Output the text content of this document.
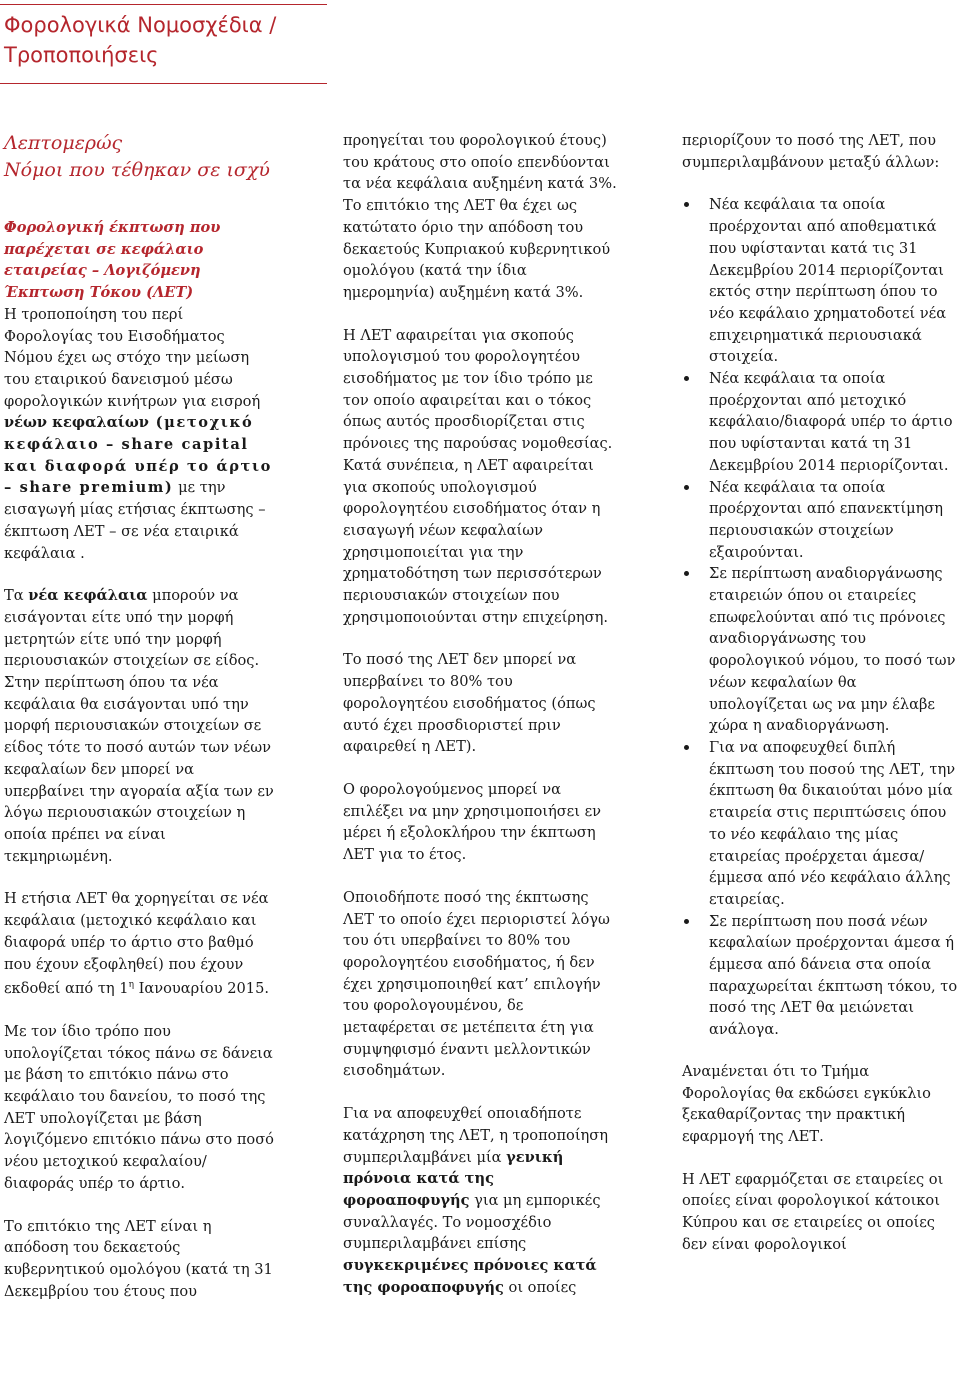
Φορολογικά Νομοσχέδια / Τροποποιήσεις

Λεπτομερώς
Νόμοι που τέθηκαν σε ισχύ

Φορολογική έκπτωση που παρέχεται σε κεφάλαιο εταιρείας – Λογιζόμενη Έκπτωση Τόκου (ΛΕΤ)
Η τροποποίηση του περί Φορολογίας του Εισοδήματος Νόμου έχει ως στόχο την μείωση του εταιρικού δανεισμού μέσω φορολογικών κινήτρων για εισροή νέων κεφαλαίων (μετοχικό κεφάλαιο – share capital και διαφορά υπέρ το άρτιο – share premium) με την εισαγωγή μίας ετήσιας έκπτωσης – έκπτωση ΛΕΤ – σε νέα εταιρικά κεφάλαια .

Τα νέα κεφάλαια μπορούν να εισάγονται είτε υπό την μορφή μετρητών είτε υπό την μορφή περιουσιακών στοιχείων σε είδος. Στην περίπτωση όπου τα νέα κεφάλαια θα εισάγονται υπό την μορφή περιουσιακών στοιχείων σε είδος τότε το ποσό αυτών των νέων κεφαλαίων δεν μπορεί να υπερβαίνει την αγοραία αξία των εν λόγω περιουσιακών στοιχείων η οποία πρέπει να είναι τεκμηριωμένη.

Η ετήσια ΛΕΤ θα χορηγείται σε νέα κεφάλαια (μετοχικό κεφάλαιο και διαφορά υπέρ το άρτιο στο βαθμό που έχουν εξοφληθεί) που έχουν εκδοθεί από τη $1^\eta$ Ιανουαρίου 2015.

Με τον ίδιο τρόπο που υπολογίζεται τόκος πάνω σε δάνεια με βάση το επιτόκιο πάνω στο κεφάλαιο του δανείου, το ποσό της ΛΕΤ υπολογίζεται με βάση λογιζόμενο επιτόκιο πάνω στο ποσό νέου μετοχικού κεφαλαίου/διαφοράς υπέρ το άρτιο.

Το επιτόκιο της ΛΕΤ είναι η απόδοση του δεκαετούς κυβερνητικού ομολόγου (κατά τη 31 Δεκεμβρίου του έτους που

προηγείται του φορολογικού έτους) του κράτους στο οποίο επενδύονται τα νέα κεφάλαια αυξημένη κατά 3%. Το επιτόκιο της ΛΕΤ θα έχει ως κατώτατο όριο την απόδοση του δεκαετούς Κυπριακού κυβερνητικού ομολόγου (κατά την ίδια ημερομηνία) αυξημένη κατά 3%.

Η ΛΕΤ αφαιρείται για σκοπούς υπολογισμού του φορολογητέου εισοδήματος με τον ίδιο τρόπο με τον οποίο αφαιρείται και ο τόκος όπως αυτός προσδιορίζεται στις πρόνοιες της παρούσας νομοθεσίας. Κατά συνέπεια, η ΛΕΤ αφαιρείται για σκοπούς υπολογισμού φορολογητέου εισοδήματος όταν η εισαγωγή νέων κεφαλαίων χρησιμοποιείται για την χρηματοδότηση των περισσότερων περιουσιακών στοιχείων που χρησιμοποιούνται στην επιχείρηση.

Το ποσό της ΛΕΤ δεν μπορεί να υπερβαίνει το 80% του φορολογητέου εισοδήματος (όπως αυτό έχει προσδιοριστεί πριν αφαιρεθεί η ΛΕΤ).

Ο φορολογούμενος μπορεί να επιλέξει να μην χρησιμοποιήσει εν μέρει ή εξολοκλήρου την έκπτωση ΛΕΤ για το έτος.

Οποιοδήποτε ποσό της έκπτωσης ΛΕΤ το οποίο έχει περιοριστεί λόγω του ότι υπερβαίνει το 80% του φορολογητέου εισοδήματος, ή δεν έχει χρησιμοποιηθεί κατ’ επιλογήν του φορολογουμένου, δε μεταφέρεται σε μετέπειτα έτη για συμψηφισμό έναντι μελλοντικών εισοδημάτων.

Για να αποφευχθεί οποιαδήποτε κατάχρηση της ΛΕΤ, η τροποποίηση συμπεριλαμβάνει μία γενική πρόνοια κατά της φοροαποφυγής για μη εμπορικές συναλλαγές. Το νομοσχέδιο συμπεριλαμβάνει επίσης συγκεκριμένες πρόνοιες κατά της φοροαποφυγής οι οποίες

περιορίζουν το ποσό της ΛΕΤ, που συμπεριλαμβάνουν μεταξύ άλλων:

Νέα κεφάλαια τα οποία προέρχονται από αποθεματικά που υφίστανται κατά τις 31 Δεκεμβρίου 2014 περιορίζονται εκτός στην περίπτωση όπου το νέο κεφάλαιο χρηματοδοτεί νέα επιχειρηματικά περιουσιακά στοιχεία.
Νέα κεφάλαια τα οποία προέρχονται από μετοχικό κεφάλαιο/διαφορά υπέρ το άρτιο που υφίστανται κατά τη 31 Δεκεμβρίου 2014 περιορίζονται.
Νέα κεφάλαια τα οποία προέρχονται από επανεκτίμηση περιουσιακών στοιχείων εξαιρούνται.
Σε περίπτωση αναδιοργάνωσης εταιρειών όπου οι εταιρείες επωφελούνται από τις πρόνοιες αναδιοργάνωσης του φορολογικού νόμου, το ποσό των νέων κεφαλαίων θα υπολογίζεται ως να μην έλαβε χώρα η αναδιοργάνωση.
Για να αποφευχθεί διπλή έκπτωση του ποσού της ΛΕΤ, την έκπτωση θα δικαιούται μόνο μία εταιρεία στις περιπτώσεις όπου το νέο κεφάλαιο της μίας εταιρείας προέρχεται άμεσα/έμμεσα από νέο κεφάλαιο άλλης εταιρείας.
Σε περίπτωση που ποσά νέων κεφαλαίων προέρχονται άμεσα ή έμμεσα από δάνεια στα οποία παραχωρείται έκπτωση τόκου, το ποσό της ΛΕΤ θα μειώνεται ανάλογα.

Αναμένεται ότι το Τμήμα Φορολογίας θα εκδώσει εγκύκλιο ξεκαθαρίζοντας την πρακτική εφαρμογή της ΛΕΤ.

Η ΛΕΤ εφαρμόζεται σε εταιρείες οι οποίες είναι φορολογικοί κάτοικοι Κύπρου και σε εταιρείες οι οποίες δεν είναι φορολογικοί
